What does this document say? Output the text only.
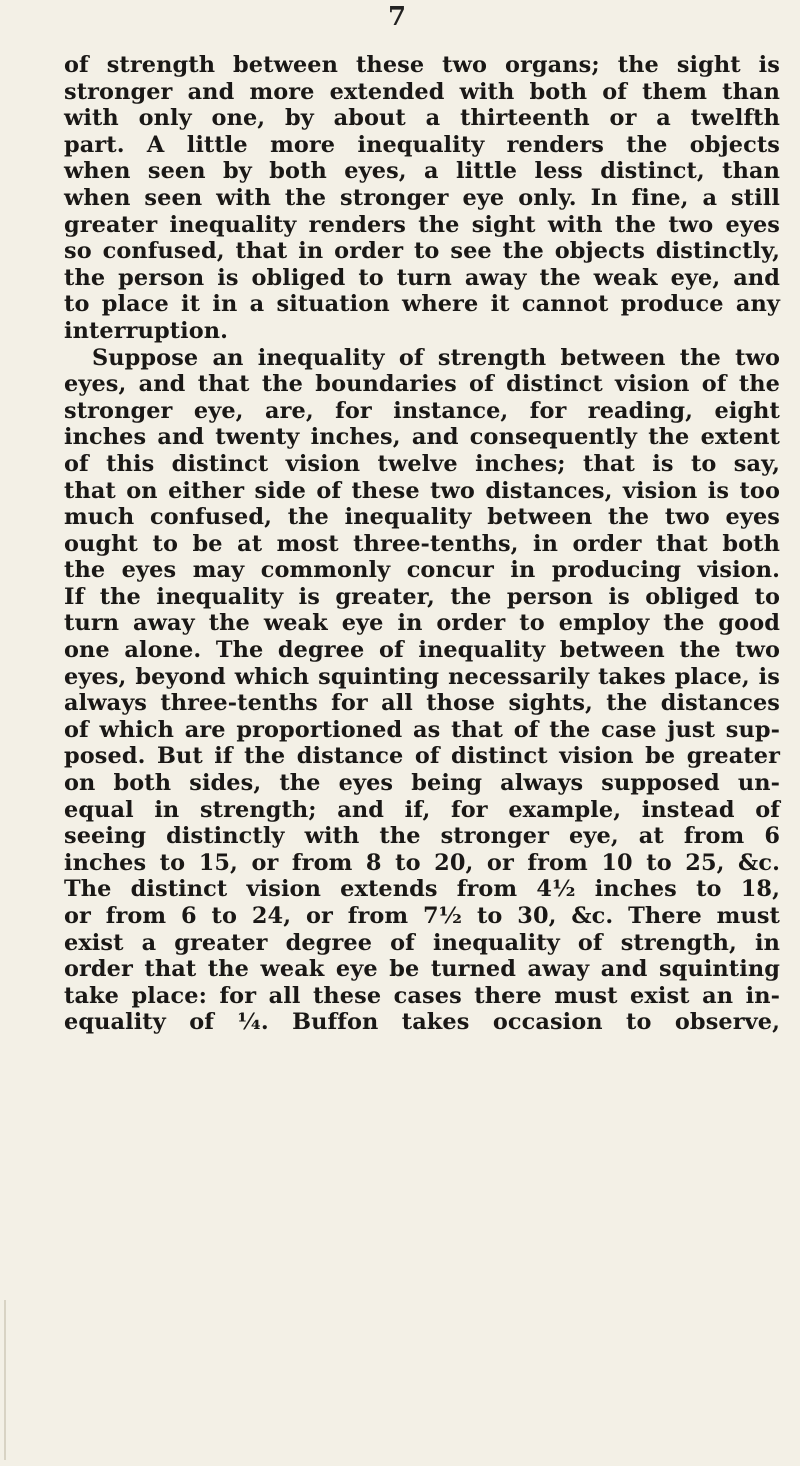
7
of strength between these two organs; the sight is
stronger and more extended with both of them than
with only one, by about a thirteenth or a twelfth
part. A little more inequality renders the objects
when seen by both eyes, a little less distinct, than
when seen with the stronger eye only. In fine, a still
greater inequality renders the sight with the two eyes
so confused, that in order to see the objects distinctly,
the person is obliged to turn away the weak eye, and
to place it in a situation where it cannot produce any
interruption.
Suppose an inequality of strength between the two
eyes, and that the boundaries of distinct vision of the
stronger eye, are, for instance, for reading, eight
inches and twenty inches, and consequently the extent
of this distinct vision twelve inches; that is to say,
that on either side of these two distances, vision is too
much confused, the inequality between the two eyes
ought to be at most three-tenths, in order that both
the eyes may commonly concur in producing vision.
If the inequality is greater, the person is obliged to
turn away the weak eye in order to employ the good
one alone. The degree of inequality between the two
eyes, beyond which squinting necessarily takes place, is
always three-tenths for all those sights, the distances
of which are proportioned as that of the case just sup-
posed. But if the distance of distinct vision be greater
on both sides, the eyes being always supposed un-
equal in strength; and if, for example, instead of
seeing distinctly with the stronger eye, at from 6
inches to 15, or from 8 to 20, or from 10 to 25, &c.
The distinct vision extends from 4½ inches to 18,
or from 6 to 24, or from 7½ to 30, &c. There must
exist a greater degree of inequality of strength, in
order that the weak eye be turned away and squinting
take place: for all these cases there must exist an in-
equality of ¼. Buffon takes occasion to observe,
